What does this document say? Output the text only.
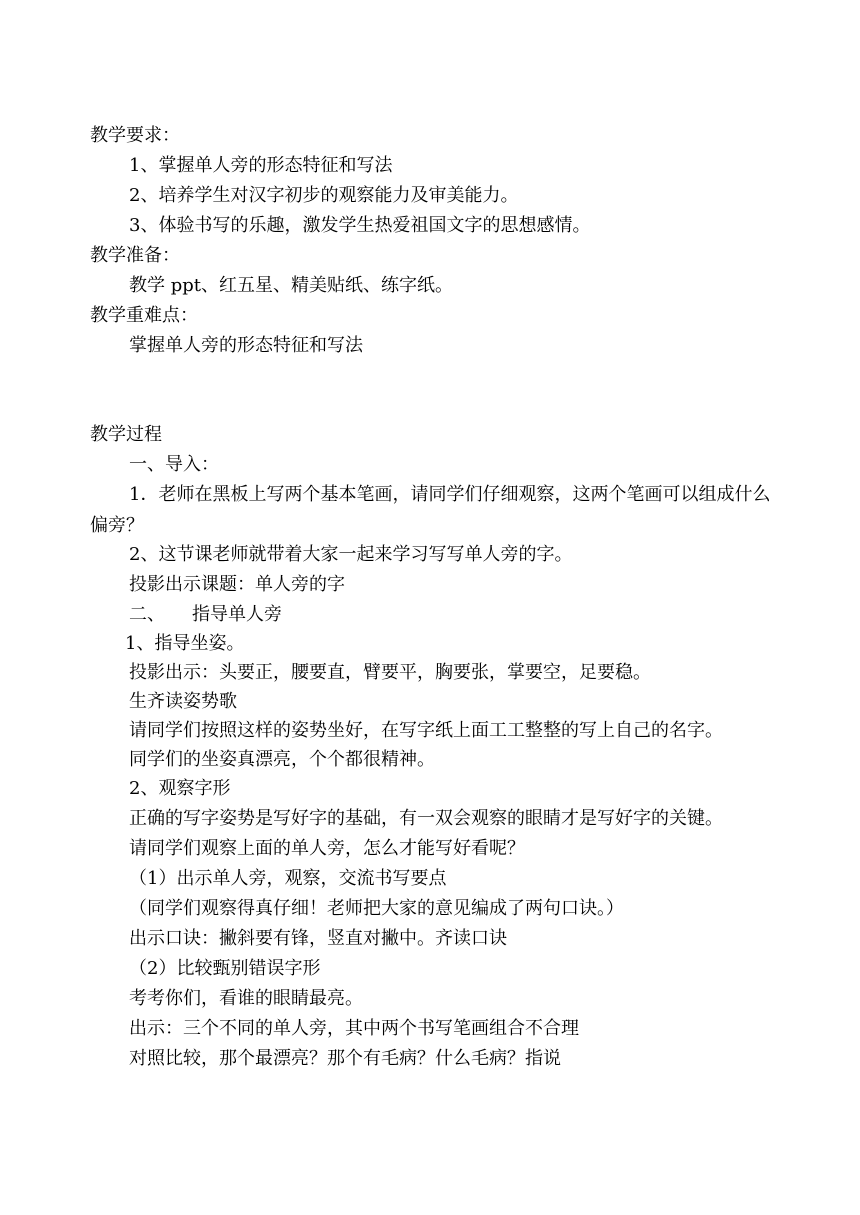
教学要求：
1、掌握单人旁的形态特征和写法
2、培养学生对汉字初步的观察能力及审美能力。
3、体验书写的乐趣，激发学生热爱祖国文字的思想感情。
教学准备：
教学 ppt、红五星、精美贴纸、练字纸。
教学重难点：
掌握单人旁的形态特征和写法
教学过程
一、导入：
1．老师在黑板上写两个基本笔画，请同学们仔细观察，这两个笔画可以组成什么偏旁？
2、这节课老师就带着大家一起来学习写写单人旁的字。
投影出示课题：单人旁的字
二、 指导单人旁
1、指导坐姿。
投影出示：头要正，腰要直，臂要平，胸要张，掌要空，足要稳。
生齐读姿势歌
请同学们按照这样的姿势坐好，在写字纸上面工工整整的写上自己的名字。
同学们的坐姿真漂亮，个个都很精神。
2、观察字形
正确的写字姿势是写好字的基础，有一双会观察的眼睛才是写好字的关键。
请同学们观察上面的单人旁，怎么才能写好看呢？
（1）出示单人旁，观察，交流书写要点
（同学们观察得真仔细！老师把大家的意见编成了两句口诀。）
出示口诀：撇斜要有锋，竖直对撇中。齐读口诀
（2）比较甄别错误字形
考考你们，看谁的眼睛最亮。
出示：三个不同的单人旁，其中两个书写笔画组合不合理
对照比较，那个最漂亮？那个有毛病？什么毛病？指说
